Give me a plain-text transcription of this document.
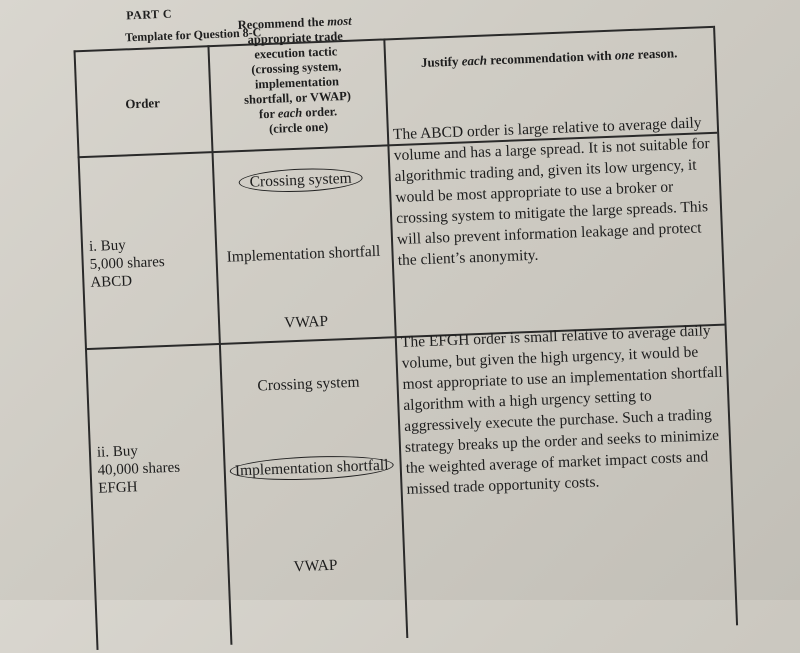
PART C
Template for Question 8-C
Order
Recommend the most
appropriate trade
execution tactic
(crossing system,
implementation
shortfall, or VWAP)
for each order.
(circle one)
Justify each recommendation with one reason.
i. Buy
5,000 shares
ABCD
Crossing system
Implementation shortfall
VWAP
The ABCD order is large relative to average daily
volume and has a large spread. It is not suitable for
algorithmic trading and, given its low urgency, it
would be most appropriate to use a broker or
crossing system to mitigate the large spreads. This
will also prevent information leakage and protect
the client’s anonymity.
ii. Buy
40,000 shares
EFGH
Crossing system
Implementation shortfall
VWAP
The EFGH order is small relative to average daily
volume, but given the high urgency, it would be
most appropriate to use an implementation shortfall
algorithm with a high urgency setting to
aggressively execute the purchase. Such a trading
strategy breaks up the order and seeks to minimize
the weighted average of market impact costs and
missed trade opportunity costs.
